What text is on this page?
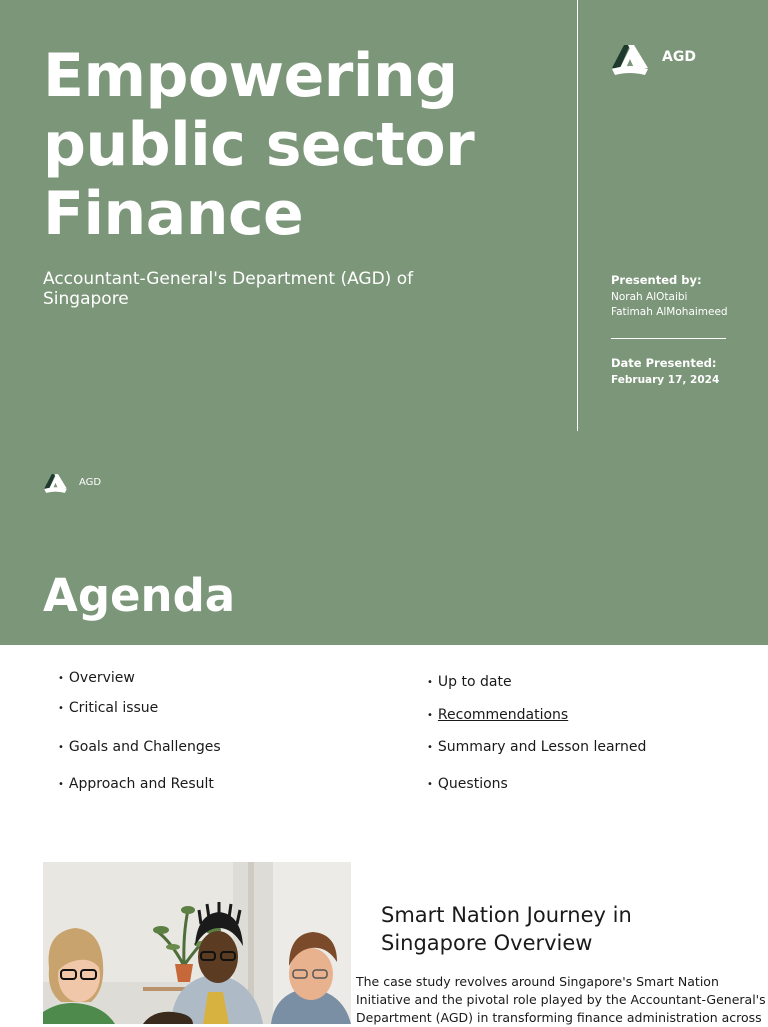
Empowering public sector Finance

Accountant-General's Department (AGD) of Singapore

AGD
Presented by:
Norah AlOtaibi
Fatimah AlMohaimeed
Date Presented:
February 17, 2024
AGD
Agenda
• Overview
• Critical issue
• Goals and Challenges
• Approach and Result
• Up to date
• Recommendations
• Summary and Lesson learned
• Questions
Smart Nation Journey in Singapore Overview

The case study revolves around Singapore's Smart Nation
Initiative and the pivotal role played by the Accountant-General's
Department (AGD) in transforming finance administration across
